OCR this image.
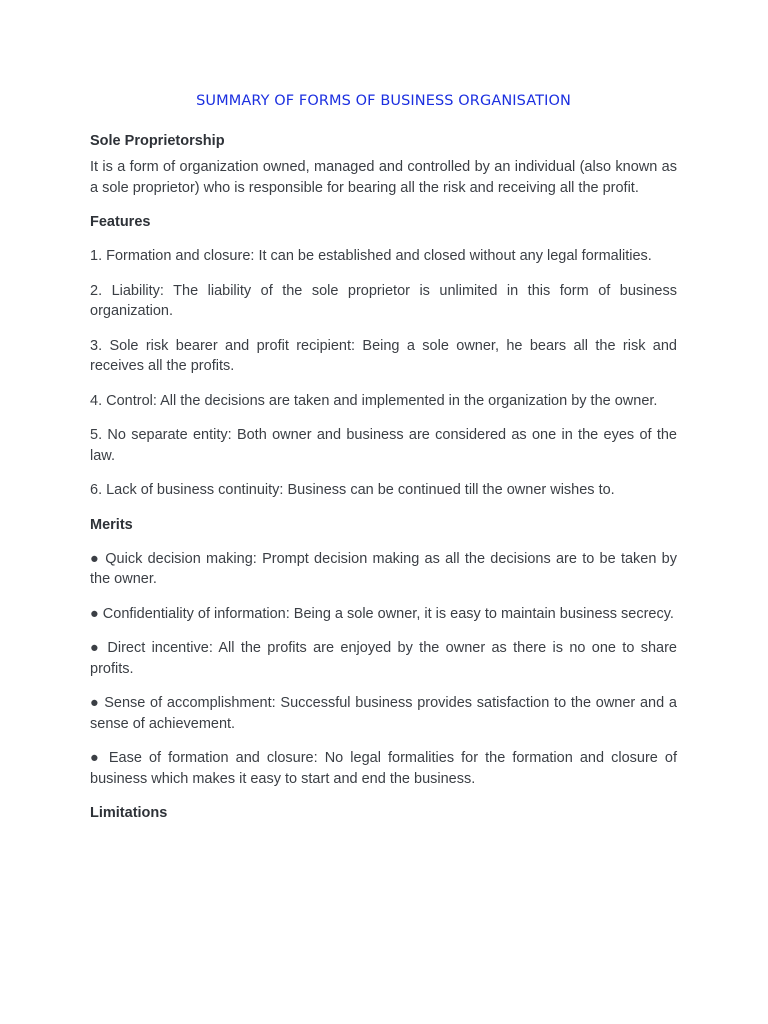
SUMMARY OF FORMS OF BUSINESS ORGANISATION
Sole Proprietorship

It is a form of organization owned, managed and controlled by an individual (also known as a sole proprietor) who is responsible for bearing all the risk and receiving all the profit.

Features

1. Formation and closure: It can be established and closed without any legal formalities.

2. Liability: The liability of the sole proprietor is unlimited in this form of business organization.

3. Sole risk bearer and profit recipient: Being a sole owner, he bears all the risk and receives all the profits.

4. Control: All the decisions are taken and implemented in the organization by the owner.

5. No separate entity: Both owner and business are considered as one in the eyes of the law.

6. Lack of business continuity: Business can be continued till the owner wishes to.

Merits

● Quick decision making: Prompt decision making as all the decisions are to be taken by the owner.

● Confidentiality of information: Being a sole owner, it is easy to maintain business secrecy.

● Direct incentive: All the profits are enjoyed by the owner as there is no one to share profits.

● Sense of accomplishment: Successful business provides satisfaction to the owner and a sense of achievement.

● Ease of formation and closure: No legal formalities for the formation and closure of business which makes it easy to start and end the business.

Limitations
